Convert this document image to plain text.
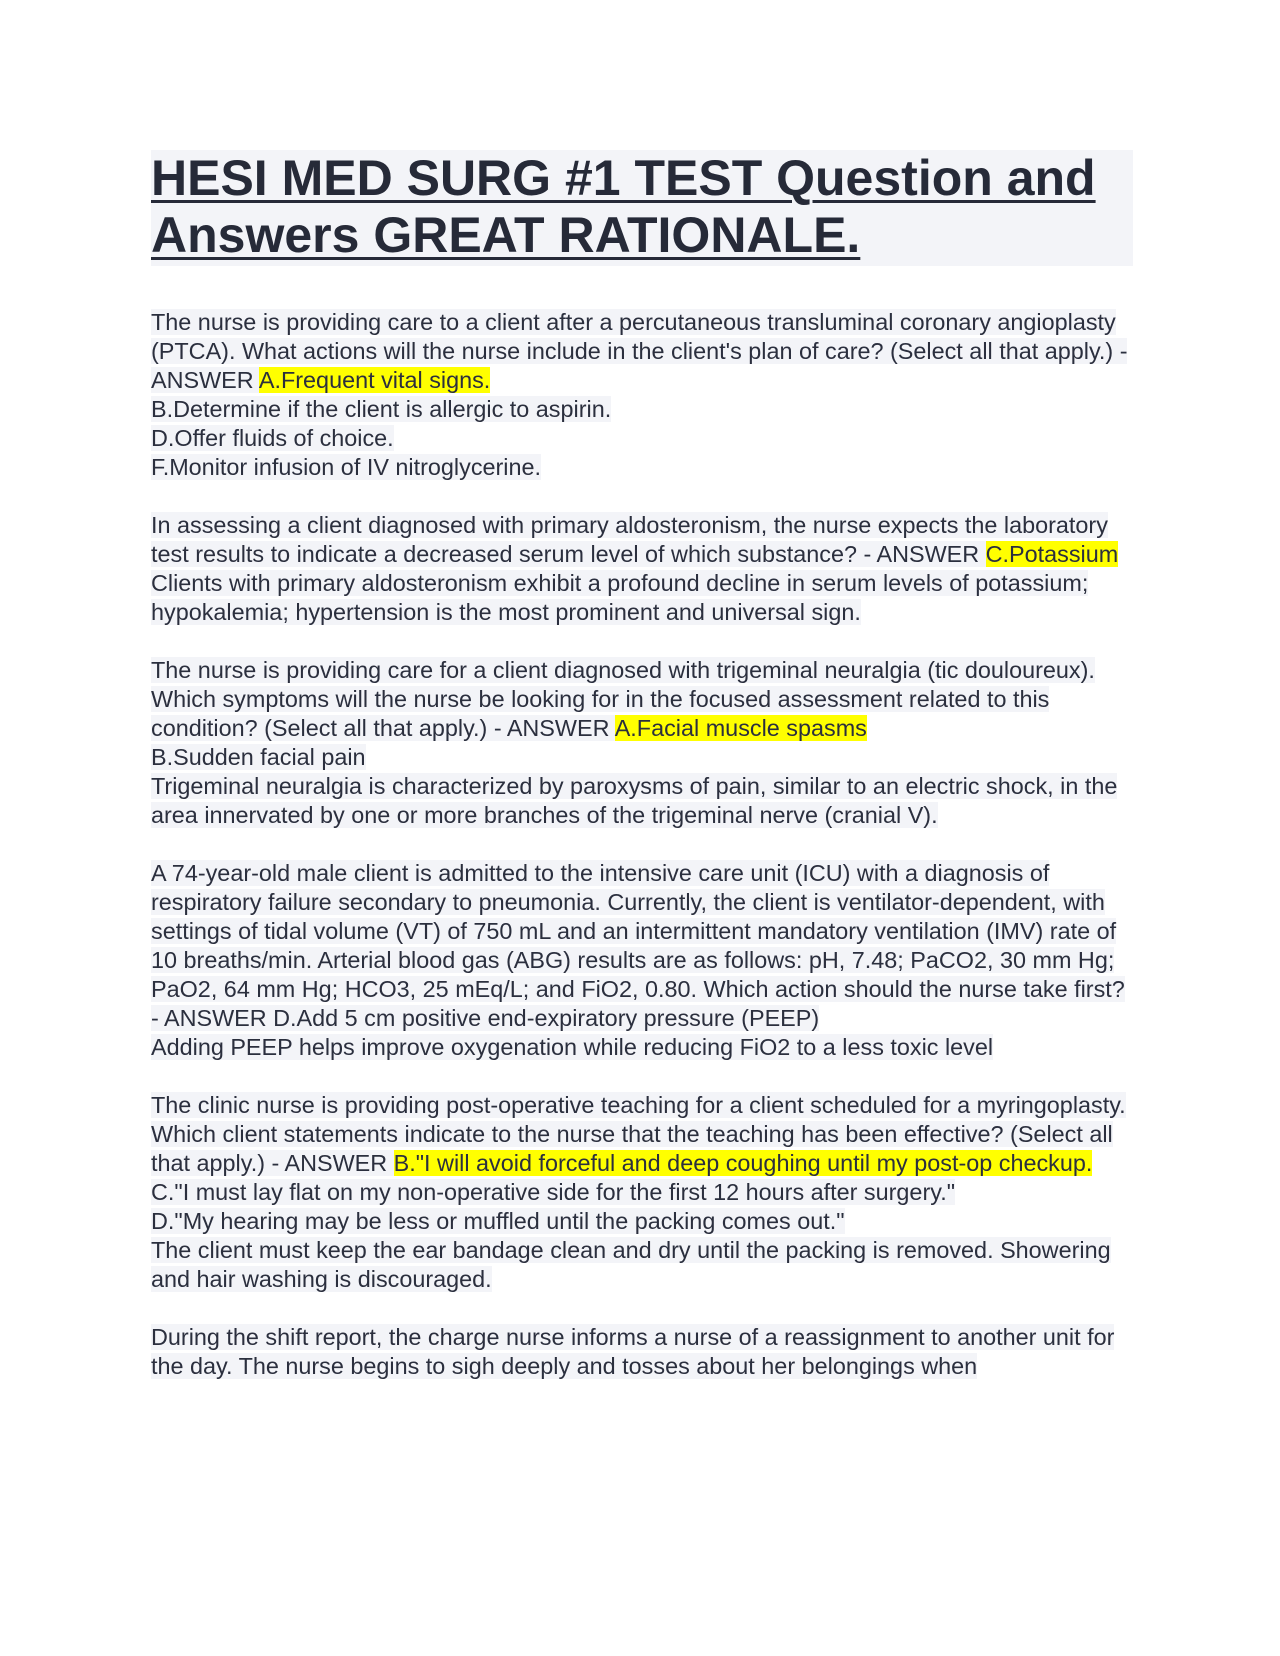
HESI MED SURG #1 TEST Question and
Answers GREAT RATIONALE.
The nurse is providing care to a client after a percutaneous transluminal coronary angioplasty (PTCA). What actions will the nurse include in the client's plan of care? (Select all that apply.) - ANSWER A.Frequent vital signs.
B.Determine if the client is allergic to aspirin.
D.Offer fluids of choice.
F.Monitor infusion of IV nitroglycerine.
In assessing a client diagnosed with primary aldosteronism, the nurse expects the laboratory test results to indicate a decreased serum level of which substance? - ANSWER C.Potassium
Clients with primary aldosteronism exhibit a profound decline in serum levels of potassium; hypokalemia; hypertension is the most prominent and universal sign.
The nurse is providing care for a client diagnosed with trigeminal neuralgia (tic douloureux). Which symptoms will the nurse be looking for in the focused assessment related to this condition? (Select all that apply.) - ANSWER A.Facial muscle spasms
B.Sudden facial pain
Trigeminal neuralgia is characterized by paroxysms of pain, similar to an electric shock, in the area innervated by one or more branches of the trigeminal nerve (cranial V).
A 74-year-old male client is admitted to the intensive care unit (ICU) with a diagnosis of respiratory failure secondary to pneumonia. Currently, the client is ventilator-dependent, with settings of tidal volume (VT) of 750 mL and an intermittent mandatory ventilation (IMV) rate of 10 breaths/min. Arterial blood gas (ABG) results are as follows: pH, 7.48; PaCO2, 30 mm Hg; PaO2, 64 mm Hg; HCO3, 25 mEq/L; and FiO2, 0.80. Which action should the nurse take first? - ANSWER D.Add 5 cm positive end-expiratory pressure (PEEP)
Adding PEEP helps improve oxygenation while reducing FiO2 to a less toxic level
The clinic nurse is providing post-operative teaching for a client scheduled for a myringoplasty. Which client statements indicate to the nurse that the teaching has been effective? (Select all that apply.) - ANSWER B."I will avoid forceful and deep coughing until my post-op checkup.
C."I must lay flat on my non-operative side for the first 12 hours after surgery."
D."My hearing may be less or muffled until the packing comes out."
The client must keep the ear bandage clean and dry until the packing is removed. Showering and hair washing is discouraged.
During the shift report, the charge nurse informs a nurse of a reassignment to another unit for the day. The nurse begins to sigh deeply and tosses about her belongings when
